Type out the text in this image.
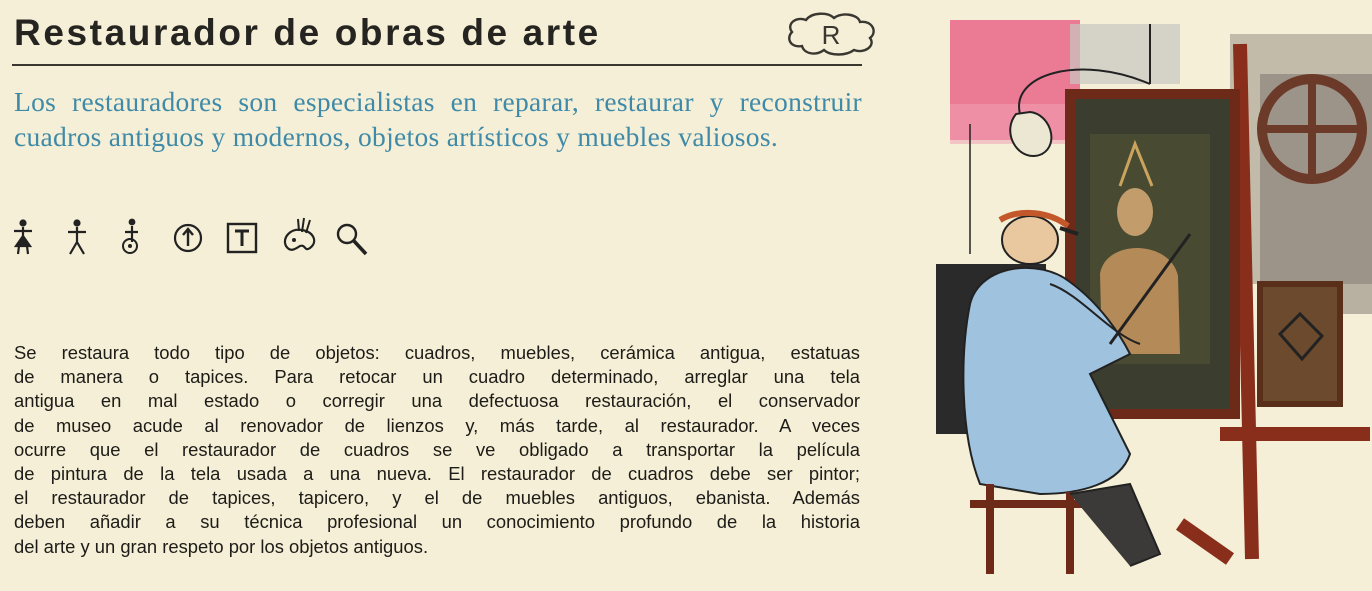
Restaurador de obras de arte	R
Los restauradores son especialistas en reparar, restaurar y reconstruir cuadros antiguos y modernos, objetos artísticos y muebles valiosos.
Se restaura todo tipo de objetos: cuadros, muebles, cerámica antigua, estatuas
de manera o tapices. Para retocar un cuadro determinado, arreglar una tela
antigua en mal estado o corregir una defectuosa restauración, el conservador
de museo acude al renovador de lienzos y, más tarde, al restaurador. A veces
ocurre que el restaurador de cuadros se ve obligado a transportar la película
de pintura de la tela usada a una nueva. El restaurador de cuadros debe ser pintor;
el restaurador de tapices, tapicero, y el de muebles antiguos, ebanista. Además
deben añadir a su técnica profesional un conocimiento profundo de la historia
del arte y un gran respeto por los objetos antiguos.
